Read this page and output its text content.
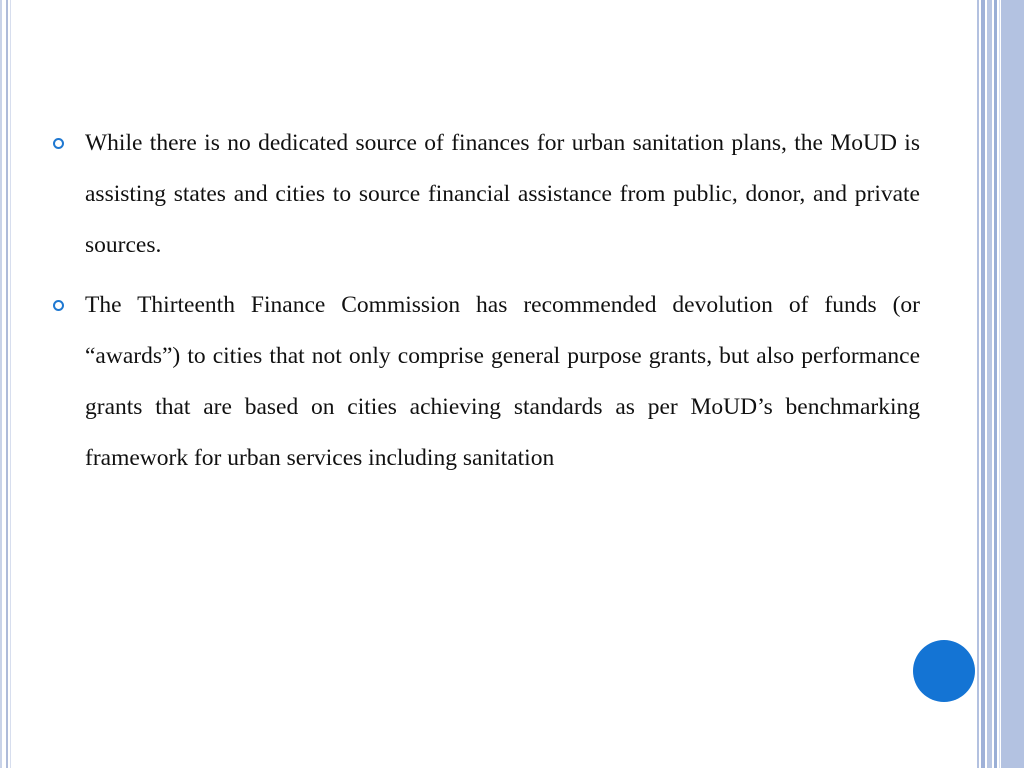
While there is no dedicated source of finances for urban sanitation plans, the MoUD is assisting states and cities to source financial assistance from public, donor, and private sources.

The Thirteenth Finance Commission has recommended devolution of funds (or “awards”) to cities that not only comprise general purpose grants, but also performance grants that are based on cities achieving standards as per MoUD’s benchmarking framework for urban services including sanitation
